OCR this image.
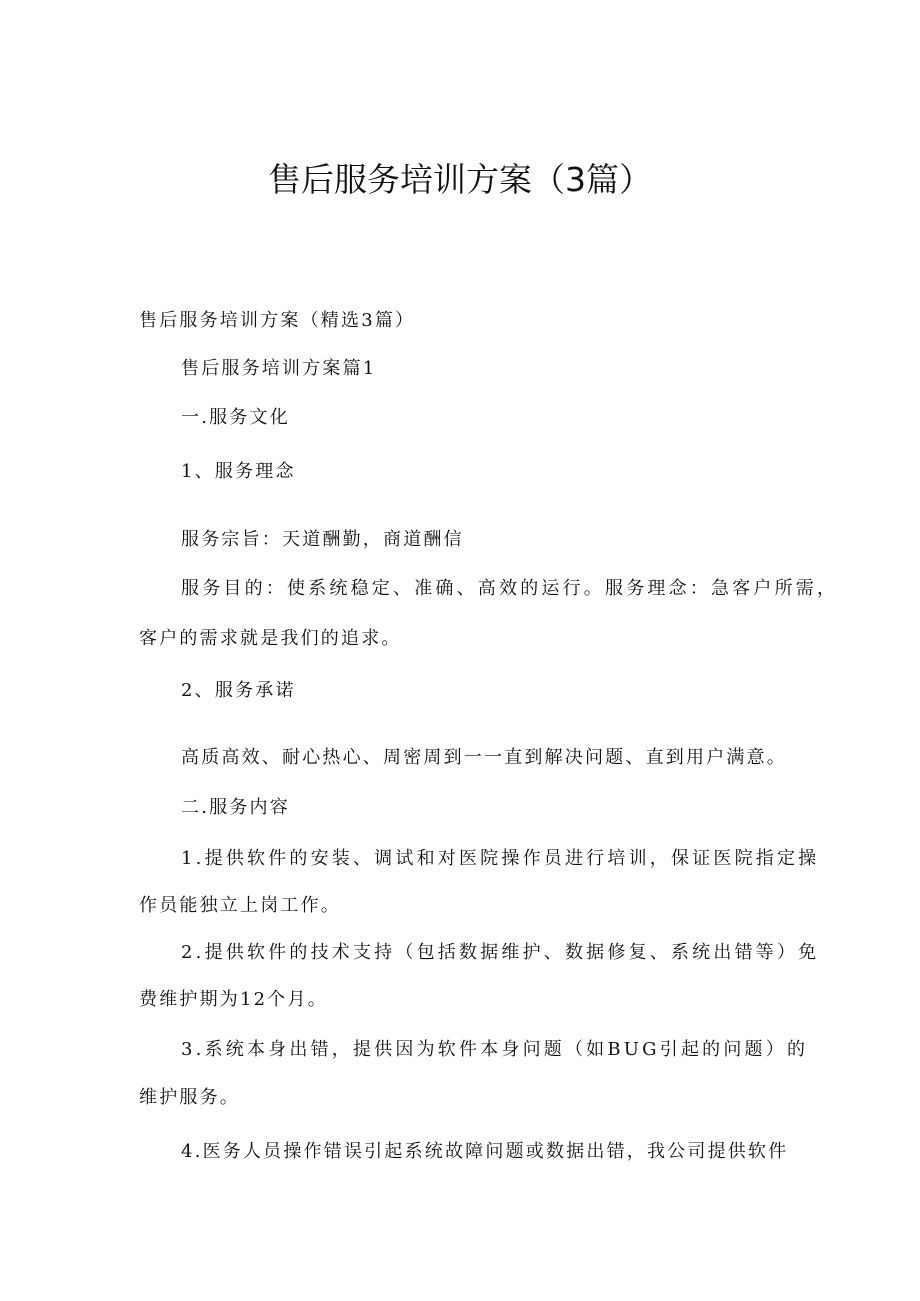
售后服务培训方案（3篇）

售后服务培训方案（精选3篇）

售后服务培训方案篇1

一.服务文化

1、服务理念

服务宗旨：天道酬勤，商道酬信

服务目的：使系统稳定、准确、高效的运行。服务理念：急客户所需，

客户的需求就是我们的追求。

2、服务承诺

高质高效、耐心热心、周密周到一一直到解决问题、直到用户满意。

二.服务内容

1.提供软件的安装、调试和对医院操作员进行培训，保证医院指定操

作员能独立上岗工作。

2.提供软件的技术支持（包括数据维护、数据修复、系统出错等）免

费维护期为12个月。

3.系统本身出错，提供因为软件本身问题（如BUG引起的问题）的

维护服务。

4.医务人员操作错误引起系统故障问题或数据出错，我公司提供软件
